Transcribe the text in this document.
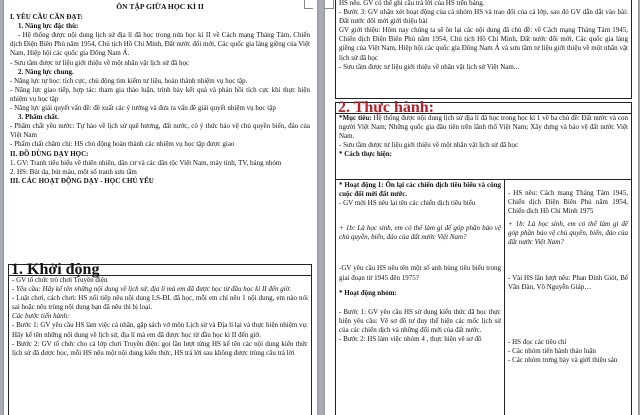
ÔN TẬP GIỮA HỌC KÌ II
I. YÊU CẦU CẦN ĐẠT:
1. Năng lực đặc thù:
- Hệ thống được nội dung lịch sử địa lí đã học trong nửa học kì II về Cách mạng Tháng Tám, Chiến dịch Điện Biên Phủ năm 1954, Chủ tịch Hồ Chí Minh, Đất nước đổi mới, Các quốc gia láng giềng của Việt Nam, Hiệp hội các quốc gia Đông Nam Á.
- Sưu tầm được tư liệu giới thiệu về một nhân vật lịch sử đã học
2. Năng lực chung.
- Năng lực tự học: tích cực, chủ động tìm kiếm tư liệu, hoàn thành nhiệm vụ học tập.
- Năng lực giao tiếp, hợp tác: tham gia thảo luận, trình bày kết quả và phản hồi tích cực khi thực hiện nhiệm vụ học tập
- Năng lực giải quyết vấn đề: đề xuất các ý tưởng và đưa ra vấn đề giải quyết nhiệm vụ học tập
3. Phẩm chất.
- Phẩm chất yêu nước: Tự hào về lịch sử quê hương, đất nước, có ý thức bảo vệ chủ quyền biển, đảo của Việt Nam
- Phẩm chất chăm chỉ: HS chủ động hoàn thành các nhiệm vụ học tập được giao
II. ĐỒ DÙNG DẠY HỌC:
1. GV: Tranh tiêu biểu về thiên nhiên, dân cư và các dân tộc Việt Nam, máy tính, TV, bảng nhóm
2. HS: Bút dạ, bút màu, một số tranh sưu tầm
III. CÁC HOẠT ĐỘNG DẠY - HỌC CHỦ YẾU
1. Khởi động
- GV tổ chức trò chơi Truyền điện
- Yêu cầu: Hãy kể tên những nội dung về lịch sử, địa lí mà em đã được học từ đầu học kì II đến giờ.
- Luật chơi, cách chơi: HS nối tiếp nêu nội dung LS-ĐL đã học, mỗi em chỉ nêu 1 nội dung, em nào nói sai hoặc nêu trùng nội dung bạn đã nêu thì bị loại.
Các bước tiến hành:
- Bước 1: GV yêu cầu HS làm việc cá nhân, gặp sách vở môn Lịch sử và Địa lí lại và thực hiện nhiệm vụ: Hãy kể tên những nội dung về lịch sử, địa lí mà em đã được học từ đầu học kì II đến giờ.
- Bước 2: GV tổ chức cho cả lớp chơi Truyền điện: gọi lần lượt từng HS kể tên các nội dung kiến thức lịch sử đã được học, mỗi HS nêu một nội dung kiến thức, HS trả lời sau không được trùng câu trả lời
HS nêu. GV có thể ghi câu trả lời của HS trên bảng.
- Bước 3: GV nhận xét hoạt động của cả nhóm HS và trao đổi của cả lớp, sau đó GV dẫn dắt vào bài: Đất nước đổi mới giới thiệu bài
GV giới thiệu: Hôm nay chúng ta sẽ ôn lại các nội dung đã chủ đề: về Cách mạng Tháng Tám 1945, Chiến dịch Điện Biên Phủ năm 1954, Chủ tịch Hồ Chí Minh, Đất nước đổi mới, Các quốc gia láng giềng của Việt Nam, Hiệp hội các quốc gia Đông Nam Á và sưu tầm tư liệu giới thiệu về một nhân vật lịch sử đã học
- Sưu tầm được tư liệu giới thiệu về nhân vật lịch sử Việt Nam...
2. Thực hành:
*Mục tiêu: Hệ thống được nội dung lịch sử địa lí đã học trong học kì 1 về ba chủ đề: Đất nước và con người Việt Nam; Những quốc gia đầu tiên trên lãnh thổ Việt Nam; Xây dựng và bảo vệ đất nước Việt Nam.
- Sưu tầm được tư liệu giới thiệu về một nhân vật lịch sử đã học
* Cách thực hiện:
* Hoạt động 1: Ôn lại các chiến dịch tiêu biểu và công cuộc đổi mới đất nước.
- GV mời HS nêu lại tên các chiến dịch tiêu biểu
+ 1b: Là học sinh, em có thể làm gì để góp phần bảo vệ chủ quyền, biển, đảo của đất nước Việt Nam?
-GV yêu cầu HS nêu tên một số anh hùng tiêu biểu trong giai đoạn từ 1945 đến 1975?
* Hoạt động nhóm:
- Bước 1: GV yêu cầu HS sử dụng kiến thức đã học thực hiện yêu cầu: Vẽ sơ đồ tư duy thể hiện các mốc lịch sử của các chiến dịch và những đổi mới của đất nước.
- Bước 2: HS làm việc nhóm 4 , thực hiện vẽ sơ đồ
- HS nêu: Cách mạng Tháng Tám 1945, Chiến dịch Điện Biên Phủ năm 1954, Chiến dịch Hồ Chí Minh 1975
+ 1b: Là học sinh, em có thể làm gì để góp phần bảo vệ chủ quyền, biển, đảo của đất nước Việt Nam?
- Vài HS lần lượt nêu: Phan Đình Giót, Bế Văn Đàn, Võ Nguyễn Giáp…
- HS đọc các tiêu chí
- Các nhóm tiến hành thảo luận
- Các nhóm trưng bày và giới thiệu sản
